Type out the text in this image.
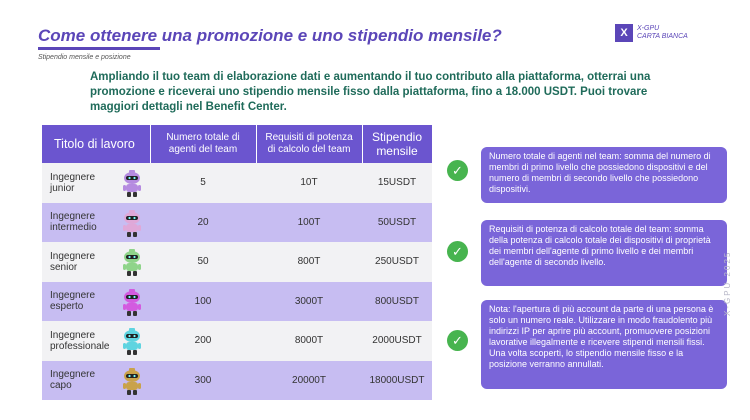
Come ottenere una promozione e uno stipendio mensile?
Stipendio mensile e posizione
X	X-GPU
CARTA BIANCA
Ampliando il tuo team di elaborazione dati e aumentando il tuo contributo alla piattaforma, otterrai una promozione e riceverai uno stipendio mensile fisso dalla piattaforma, fino a 18.000 USDT. Puoi trovare maggiori dettagli nel Benefit Center.
Titolo di lavoro	Numero totale di agenti del team	Requisiti di potenza di calcolo del team	Stipendio mensile
Ingegnere junior	5	10T	15USDT
Ingegnere intermedio	20	100T	50USDT
Ingegnere senior	50	800T	250USDT
Ingegnere esperto	100	3000T	800USDT
Ingegnere professionale	200	8000T	2000USDT
Ingegnere capo	300	20000T	18000USDT
✓
Numero totale di agenti nel team: somma del numero di membri di primo livello che possiedono dispositivi e del numero di membri di secondo livello che possiedono dispositivi.
✓
Requisiti di potenza di calcolo totale del team: somma della potenza di calcolo totale dei dispositivi di proprietà dei membri dell'agente di primo livello e dei membri dell'agente di secondo livello.
✓
Nota: l'apertura di più account da parte di una persona è solo un numero reale. Utilizzare in modo fraudolento più indirizzi IP per aprire più account, promuovere posizioni lavorative illegalmente e ricevere stipendi mensili fissi. Una volta scoperti, lo stipendio mensile fisso e la posizione verranno annullati.
X-GPU 2025
